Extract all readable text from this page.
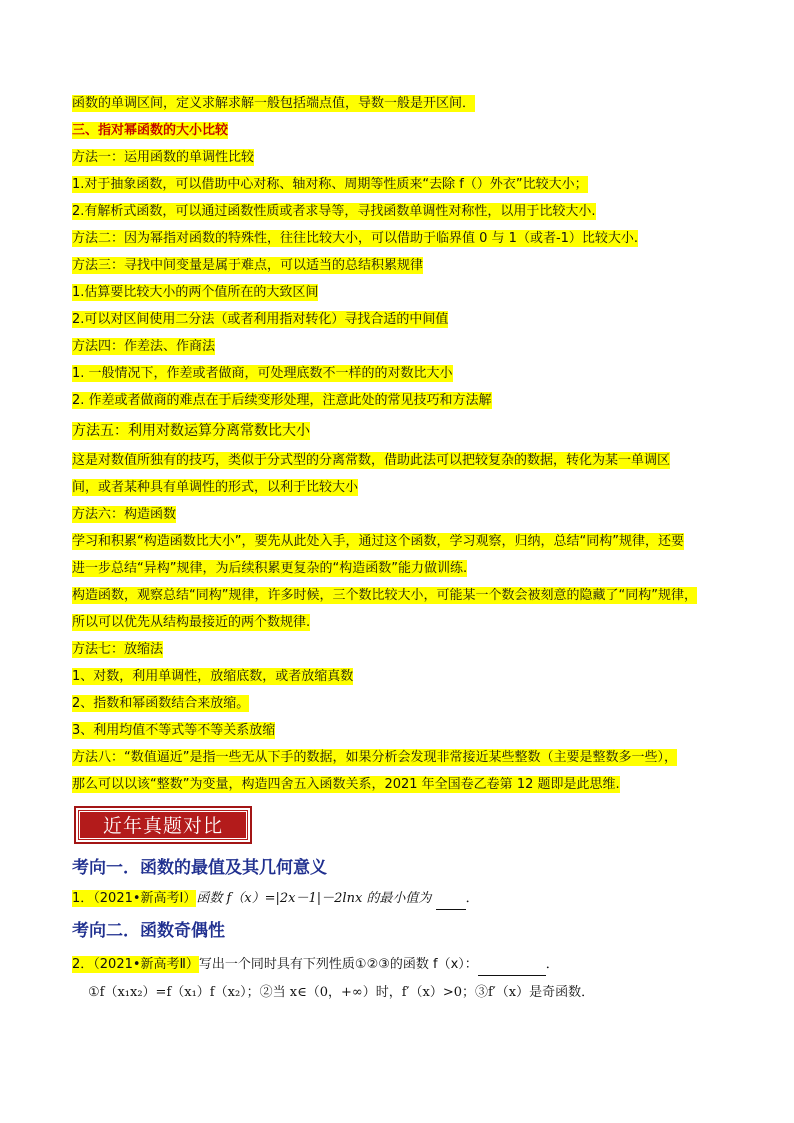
函数的单调区间，定义求解求解一般包括端点值，导数一般是开区间．
三、指对幂函数的大小比较
方法一：运用函数的单调性比较
1.对于抽象函数，可以借助中心对称、轴对称、周期等性质来“去除 f（）外衣”比较大小；
2.有解析式函数，可以通过函数性质或者求导等，寻找函数单调性对称性，以用于比较大小.
方法二：因为幂指对函数的特殊性，往往比较大小，可以借助于临界值 0 与 1（或者-1）比较大小.
方法三：寻找中间变量是属于难点，可以适当的总结积累规律
1.估算要比较大小的两个值所在的大致区间
2.可以对区间使用二分法（或者利用指对转化）寻找合适的中间值
方法四：作差法、作商法
1. 一般情况下，作差或者做商，可处理底数不一样的的对数比大小
2. 作差或者做商的难点在于后续变形处理，注意此处的常见技巧和方法解
方法五：利用对数运算分离常数比大小
这是对数值所独有的技巧，类似于分式型的分离常数，借助此法可以把较复杂的数据，转化为某一单调区
间，或者某种具有单调性的形式，以利于比较大小
方法六：构造函数
学习和积累“构造函数比大小”，要先从此处入手，通过这个函数，学习观察，归纳，总结“同构”规律，还要
进一步总结“异构”规律，为后续积累更复杂的“构造函数”能力做训练.
构造函数，观察总结“同构”规律，许多时候，三个数比较大小，可能某一个数会被刻意的隐藏了“同构”规律，
所以可以优先从结构最接近的两个数规律.
方法七：放缩法
1、对数，利用单调性，放缩底数，或者放缩真数
2、指数和幂函数结合来放缩。
3、利用均值不等式等不等关系放缩
方法八：“数值逼近”是指一些无从下手的数据，如果分析会发现非常接近某些整数（主要是整数多一些），
那么可以以该“整数”为变量，构造四舍五入函数关系，2021 年全国卷乙卷第 12 题即是此思维.
近年真题对比
考向一．函数的最值及其几何意义
1．（2021•新高考Ⅰ）函数 f（x）=|2x－1|－2lnx 的最小值为	．
考向二．函数奇偶性
2．（2021•新高考Ⅱ）写出一个同时具有下列性质①②③的函数 f（x）：	．
①f（x₁x₂）=f（x₁）f（x₂）；②当 x∈（0，+∞）时，f′（x）>0；③f′（x）是奇函数．
